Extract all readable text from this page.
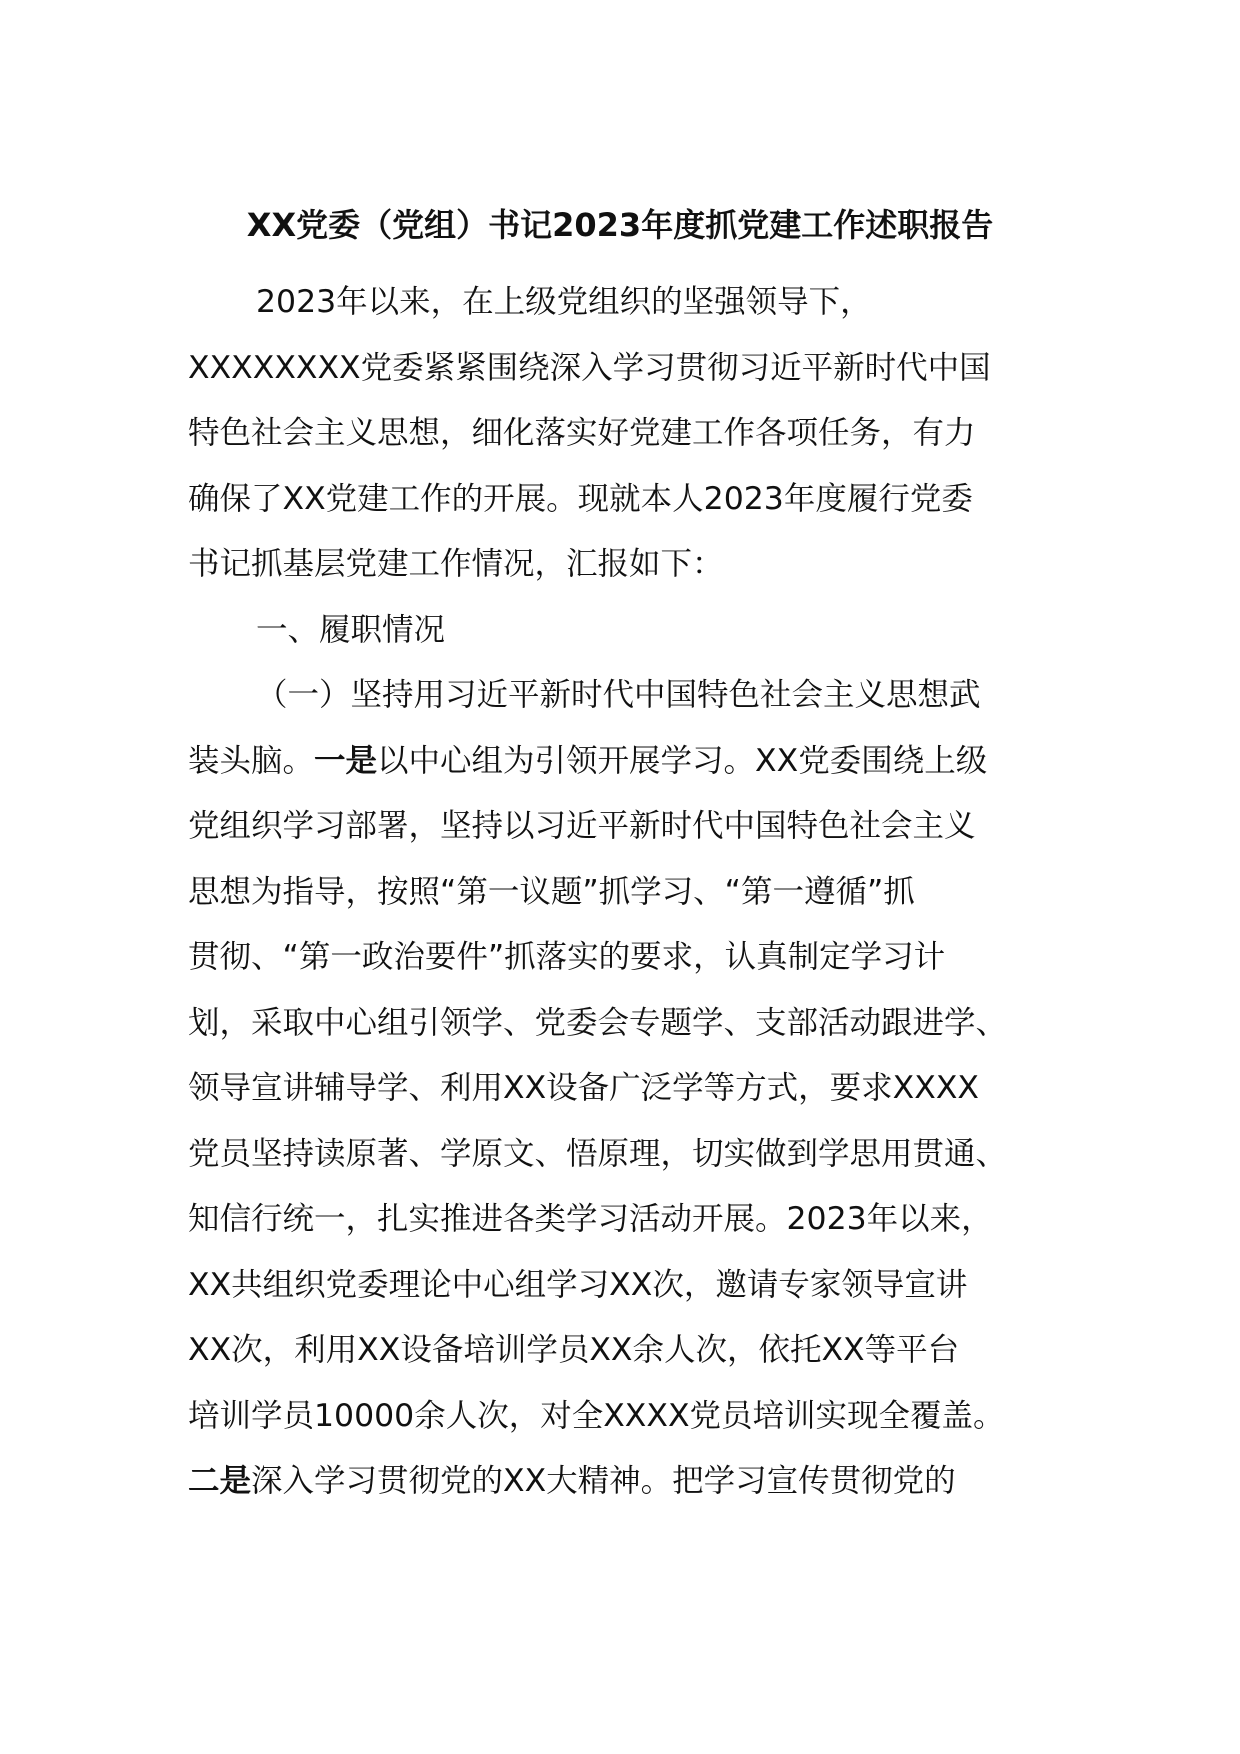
XX党委（党组）书记2023年度抓党建工作述职报告
2023年以来，在上级党组织的坚强领导下，
XXXXXXXX党委紧紧围绕深入学习贯彻习近平新时代中国
特色社会主义思想，细化落实好党建工作各项任务，有力
确保了XX党建工作的开展。现就本人2023年度履行党委
书记抓基层党建工作情况，汇报如下：
一、履职情况
（一）坚持用习近平新时代中国特色社会主义思想武
装头脑。一是以中心组为引领开展学习。XX党委围绕上级
党组织学习部署，坚持以习近平新时代中国特色社会主义
思想为指导，按照“第一议题”抓学习、“第一遵循”抓
贯彻、“第一政治要件”抓落实的要求，认真制定学习计
划，采取中心组引领学、党委会专题学、支部活动跟进学、
领导宣讲辅导学、利用XX设备广泛学等方式，要求XXXX
党员坚持读原著、学原文、悟原理，切实做到学思用贯通、
知信行统一，扎实推进各类学习活动开展。2023年以来，
XX共组织党委理论中心组学习XX次，邀请专家领导宣讲
XX次，利用XX设备培训学员XX余人次，依托XX等平台
培训学员10000余人次，对全XXXX党员培训实现全覆盖。
二是深入学习贯彻党的XX大精神。把学习宣传贯彻党的
